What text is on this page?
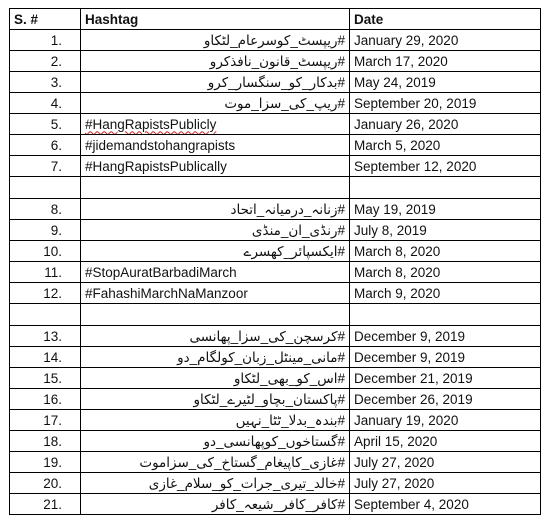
S. #	Hashtag	Date
1.	#ریپسٹ_کوسرعام_لٹکاو	January 29, 2020
2.	#ریپسٹ_قانون_نافذکرو	March 17, 2020
3.	#بدکار_کو_سنگسار_کرو	May 24, 2019
4.	#ریپ_کی_سزا_موت	September 20, 2019
5.	#HangRapistsPublicly	January 26, 2020
6.	#jidemandstohangrapists	March 5, 2020
7.	#HangRapistsPublically	September 12, 2020

8.	#زنانہ_درمیانہ_اتحاد	May 19, 2019
9.	#رنڈی_ان_منڈی	July 8, 2019
10.	#ایکسپائر_کھسرے	March 8, 2020
11.	#StopAuratBarbadiMarch	March 8, 2020
12.	#FahashiMarchNaManzoor	March 9, 2020

13.	#کرسچن_کی_سزا_پھانسی	December 9, 2019
14.	#مانی_مینٹل_زبان_کولگام_دو	December 9, 2019
15.	#اس_کو_بھی_لٹکاو	December 21, 2019
16.	#پاکستان_بچاو_لٹیرے_لٹکاو	December 26, 2019
17.	#بندہ_بدلا_ٹٹا_نہیں	January 19, 2020
18.	#گستاخوں_کوپھانسی_دو	April 15, 2020
19.	#غازی_کاپیغام_گستاخ_کی_سزاموت	July 27, 2020
20.	#خالد_تیری_جرات_کو_سلام_غازی	July 27, 2020
21.	#کافر_کافر_شیعہ_کافر	September 4, 2020
